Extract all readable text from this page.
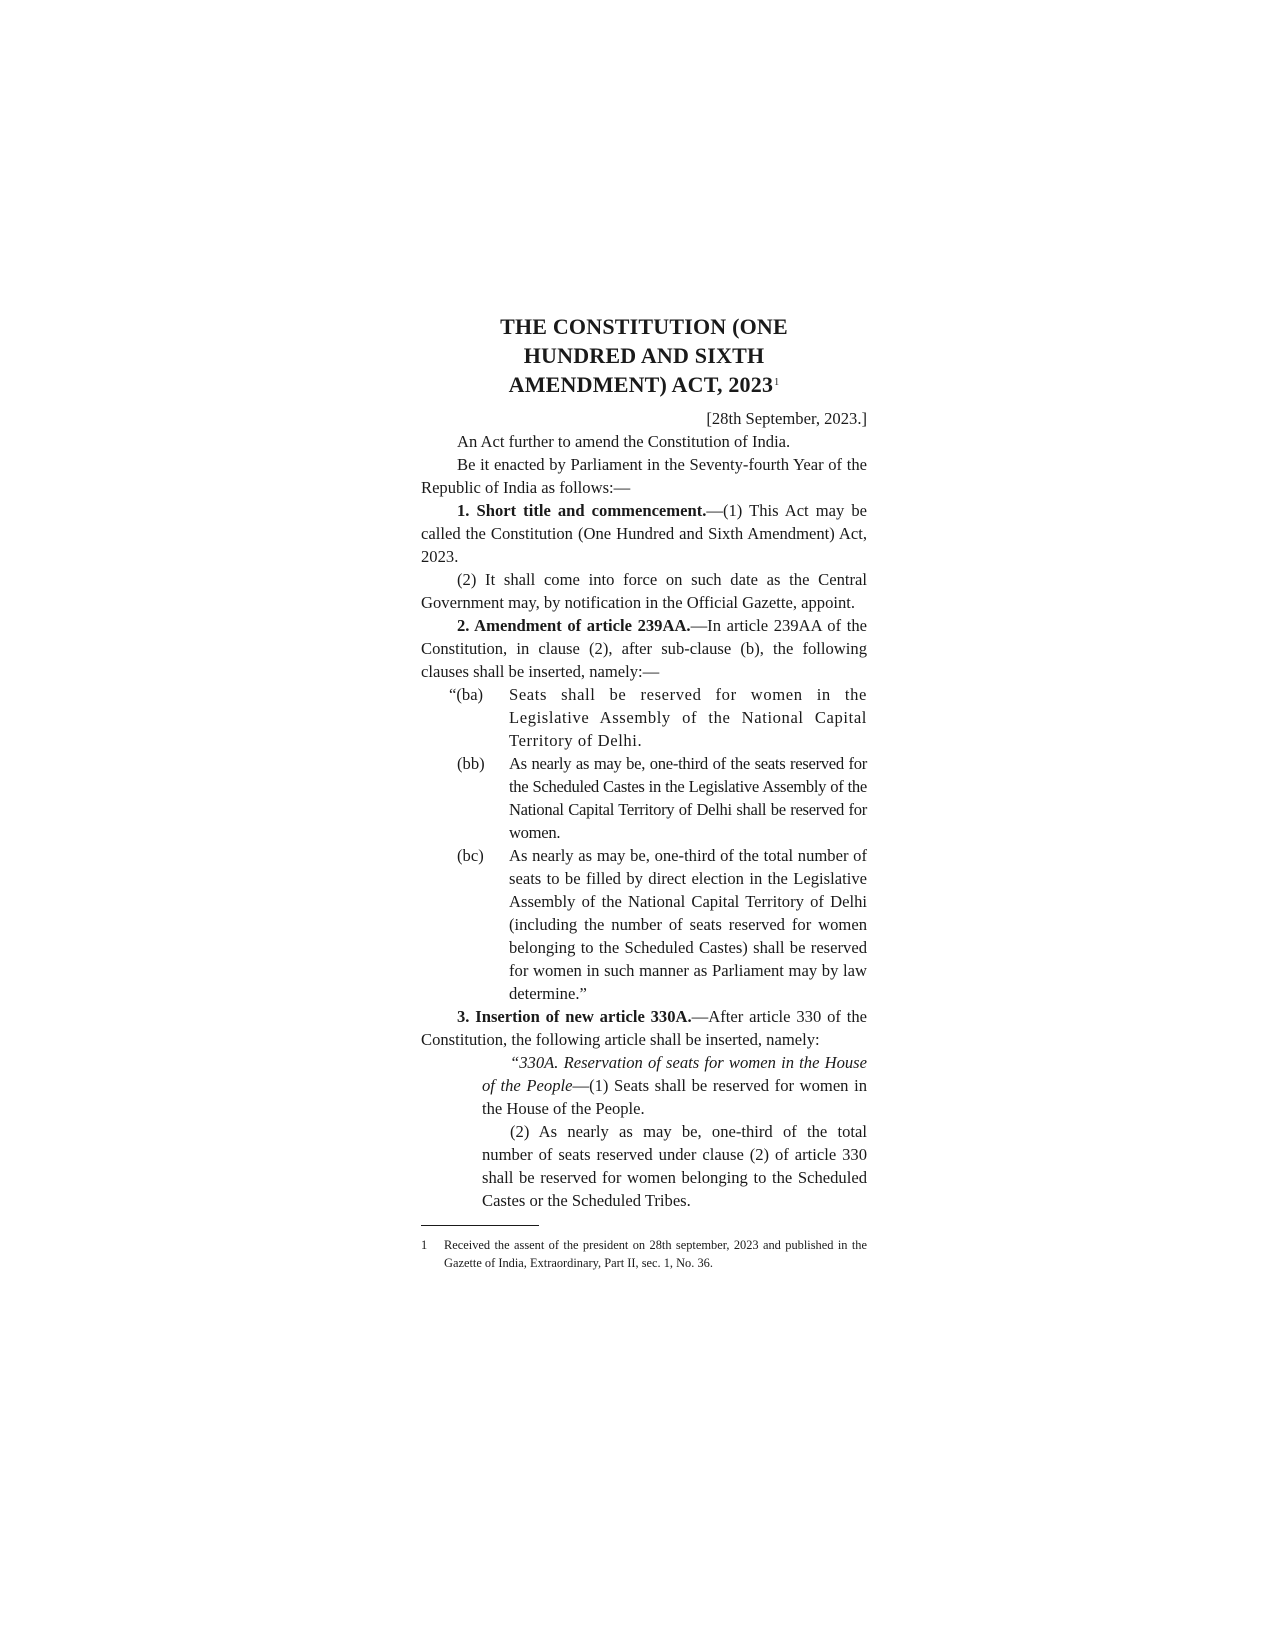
THE CONSTITUTION (ONE
HUNDRED AND SIXTH
AMENDMENT) ACT, 2023$^1$

[28th September, 2023.]

An Act further to amend the Constitution of India.

Be it enacted by Parliament in the Seventy-fourth Year of the Republic of India as follows:—

1. Short title and commencement.—(1) This Act may be called the Constitution (One Hundred and Sixth Amendment) Act, 2023.

(2) It shall come into force on such date as the Central Government may, by notification in the Official Gazette, appoint.

2. Amendment of article 239AA.—In article 239AA of the Constitution, in clause (2), after sub-clause (b), the following clauses shall be inserted, namely:—

“(ba)	Seats shall be reserved for women in the Legislative Assembly of the National Capital Territory of Delhi.
(bb)	As nearly as may be, one-third of the seats reserved for the Scheduled Castes in the Legislative Assembly of the National Capital Territory of Delhi shall be reserved for women.
(bc)	As nearly as may be, one-third of the total number of seats to be filled by direct election in the Legislative Assembly of the National Capital Territory of Delhi (including the number of seats reserved for women belonging to the Scheduled Castes) shall be reserved for women in such manner as Parliament may by law determine.”

3. Insertion of new article 330A.—After article 330 of the Constitution, the following article shall be inserted, namely:

“330A. Reservation of seats for women in the House of the People—(1) Seats shall be reserved for women in the House of the People.

(2) As nearly as may be, one-third of the total number of seats reserved under clause (2) of article 330 shall be reserved for women belonging to the Scheduled Castes or the Scheduled Tribes.

1	Received the assent of the president on 28th september, 2023 and published in the Gazette of India, Extraordinary, Part II, sec. 1, No. 36.
